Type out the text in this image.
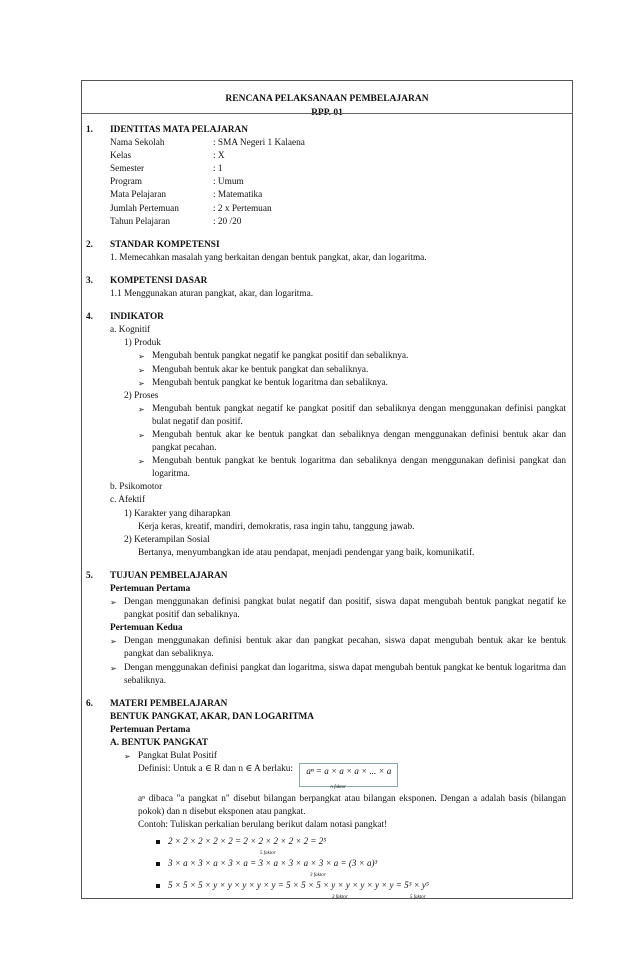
RENCANA PELAKSANAAN PEMBELAJARAN
RPP. 01
1. IDENTITAS MATA PELAJARAN
Nama Sekolah	: SMA Negeri 1 Kalaena
Kelas	: X
Semester	: 1
Program	: Umum
Mata Pelajaran	: Matematika
Jumlah Pertemuan	: 2 x Pertemuan
Tahun Pelajaran	: 20 /20
2. STANDAR KOMPETENSI
1. Memecahkan masalah yang berkaitan dengan bentuk pangkat, akar, dan logaritma.
3. KOMPETENSI DASAR
1.1 Menggunakan aturan pangkat, akar, dan logaritma.
4. INDIKATOR
a. Kognitif
1) Produk
➢ Mengubah bentuk pangkat negatif ke pangkat positif dan sebaliknya.
➢ Mengubah bentuk akar ke bentuk pangkat dan sebaliknya.
➢ Mengubah bentuk pangkat ke bentuk logaritma dan sebaliknya.
2) Proses
➢ Mengubah bentuk pangkat negatif ke pangkat positif dan sebaliknya dengan menggunakan definisi pangkat bulat negatif dan positif.
➢ Mengubah bentuk akar ke bentuk pangkat dan sebaliknya dengan menggunakan definisi bentuk akar dan pangkat pecahan.
➢ Mengubah bentuk pangkat ke bentuk logaritma dan sebaliknya dengan menggunakan definisi pangkat dan logaritma.
b. Psikomotor
c. Afektif
1) Karakter yang diharapkan
Kerja keras, kreatif, mandiri, demokratis, rasa ingin tahu, tanggung jawab.
2) Keterampilan Sosial
Bertanya, menyumbangkan ide atau pendapat, menjadi pendengar yang baik, komunikatif.
5. TUJUAN PEMBELAJARAN
Pertemuan Pertama
➢ Dengan menggunakan definisi pangkat bulat negatif dan positif, siswa dapat mengubah bentuk pangkat negatif ke pangkat positif dan sebaliknya.
Pertemuan Kedua
➢ Dengan menggunakan definisi bentuk akar dan pangkat pecahan, siswa dapat mengubah bentuk akar ke bentuk pangkat dan sebaliknya.
➢ Dengan menggunakan definisi pangkat dan logaritma, siswa dapat mengubah bentuk pangkat ke bentuk logaritma dan sebaliknya.
6. MATERI PEMBELAJARAN
BENTUK PANGKAT, AKAR, DAN LOGARITMA
Pertemuan Pertama
A. BENTUK PANGKAT
➢ Pangkat Bulat Positif
Definisi: Untuk a ∈ R dan n ∈ A berlaku: aⁿ = a × a × a × ... × a
n faktor
aⁿ dibaca "a pangkat n" disebut bilangan berpangkat atau bilangan eksponen. Dengan a adalah basis (bilangan pokok) dan n disebut eksponen atau pangkat.
Contoh: Tuliskan perkalian berulang berikut dalam notasi pangkat!
2 × 2 × 2 × 2 × 2 = 2 × 2 × 2 × 2 × 2 = 2⁵
5 faktor
3 × a × 3 × a × 3 × a = 3 × a × 3 × a × 3 × a = (3 × a)³
3 faktor
5 × 5 × 5 × y × y × y × y × y = 5 × 5 × 5 × y × y × y × y × y = 5³ × y⁵
3 faktor	5 faktor
